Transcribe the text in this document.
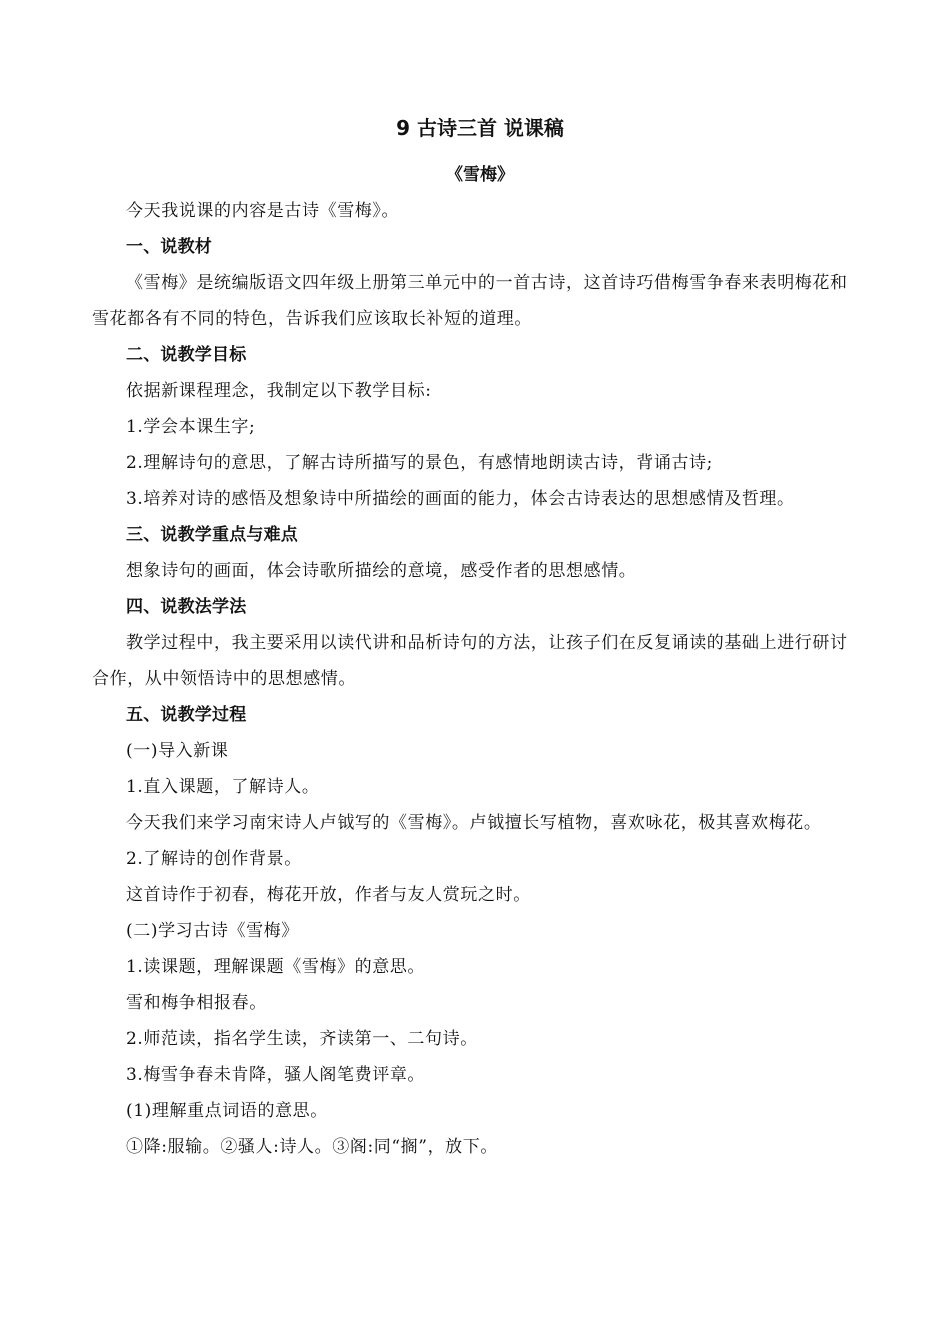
9 古诗三首 说课稿
《雪梅》

今天我说课的内容是古诗《雪梅》。

一、说教材

《雪梅》是统编版语文四年级上册第三单元中的一首古诗，这首诗巧借梅雪争春来表明梅花和雪花都各有不同的特色，告诉我们应该取长补短的道理。

二、说教学目标

依据新课程理念，我制定以下教学目标:

1.学会本课生字;

2.理解诗句的意思，了解古诗所描写的景色，有感情地朗读古诗，背诵古诗;

3.培养对诗的感悟及想象诗中所描绘的画面的能力，体会古诗表达的思想感情及哲理。

三、说教学重点与难点

想象诗句的画面，体会诗歌所描绘的意境，感受作者的思想感情。

四、说教法学法

教学过程中，我主要采用以读代讲和品析诗句的方法，让孩子们在反复诵读的基础上进行研讨合作，从中领悟诗中的思想感情。

五、说教学过程

(一)导入新课

1.直入课题，了解诗人。

今天我们来学习南宋诗人卢钺写的《雪梅》。卢钺擅长写植物，喜欢咏花，极其喜欢梅花。

2.了解诗的创作背景。

这首诗作于初春，梅花开放，作者与友人赏玩之时。

(二)学习古诗《雪梅》

1.读课题，理解课题《雪梅》的意思。

雪和梅争相报春。

2.师范读，指名学生读，齐读第一、二句诗。

3.梅雪争春未肯降，骚人阁笔费评章。

(1)理解重点词语的意思。

①降:服输。②骚人:诗人。③阁:同“搁”，放下。
